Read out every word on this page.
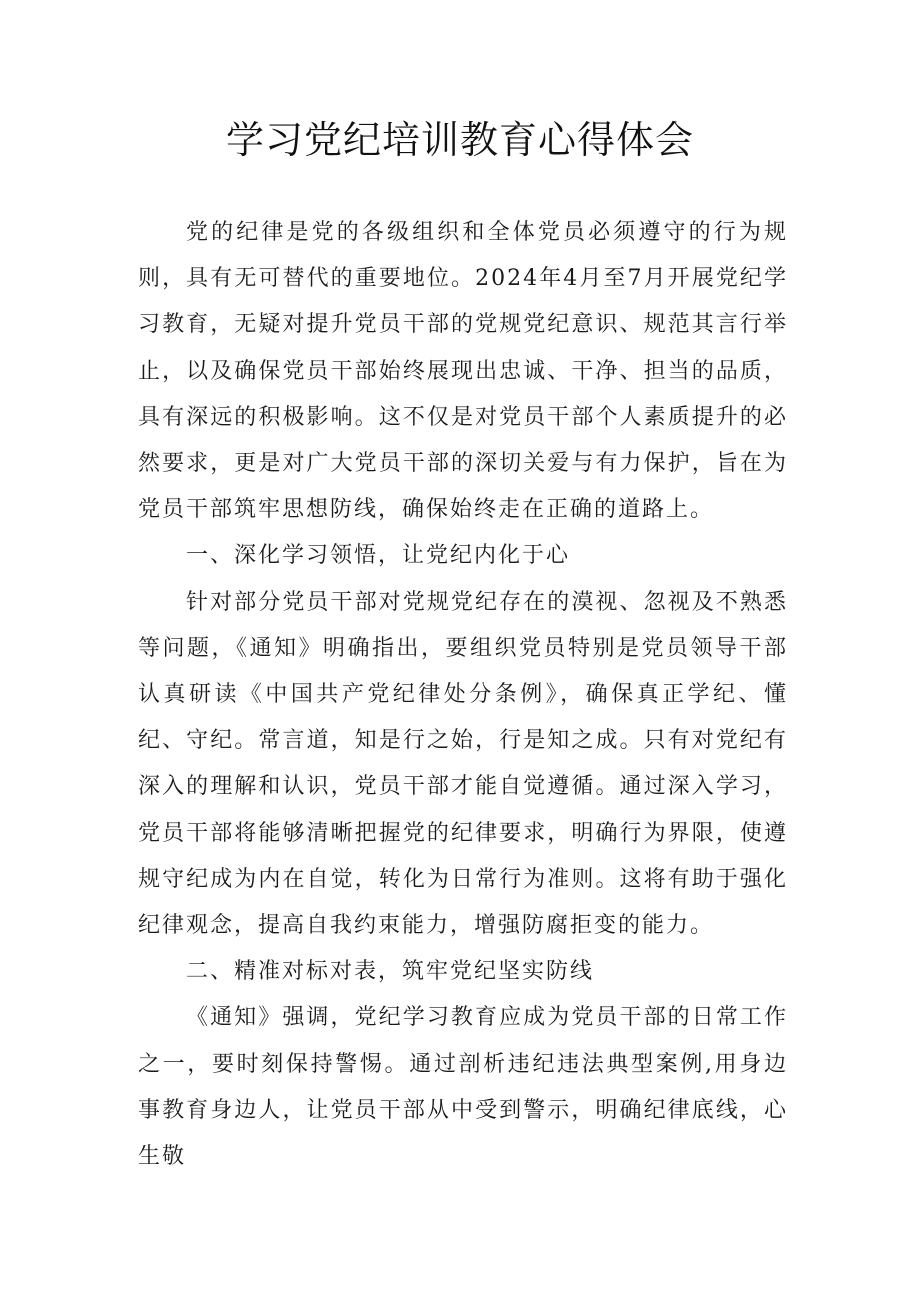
学习党纪培训教育心得体会

党的纪律是党的各级组织和全体党员必须遵守的行为规则，具有无可替代的重要地位。2024年4月至7月开展党纪学习教育，无疑对提升党员干部的党规党纪意识、规范其言行举止，以及确保党员干部始终展现出忠诚、干净、担当的品质，具有深远的积极影响。这不仅是对党员干部个人素质提升的必然要求，更是对广大党员干部的深切关爱与有力保护，旨在为党员干部筑牢思想防线，确保始终走在正确的道路上。

一、深化学习领悟，让党纪内化于心

针对部分党员干部对党规党纪存在的漠视、忽视及不熟悉等问题，《通知》明确指出，要组织党员特别是党员领导干部认真研读《中国共产党纪律处分条例》，确保真正学纪、懂纪、守纪。常言道，知是行之始，行是知之成。只有对党纪有深入的理解和认识，党员干部才能自觉遵循。通过深入学习，党员干部将能够清晰把握党的纪律要求，明确行为界限，使遵规守纪成为内在自觉，转化为日常行为准则。这将有助于强化纪律观念，提高自我约束能力，增强防腐拒变的能力。

二、精准对标对表，筑牢党纪坚实防线

《通知》强调，党纪学习教育应成为党员干部的日常工作之一，要时刻保持警惕。通过剖析违纪违法典型案例,用身边事教育身边人，让党员干部从中受到警示，明确纪律底线，心生敬
